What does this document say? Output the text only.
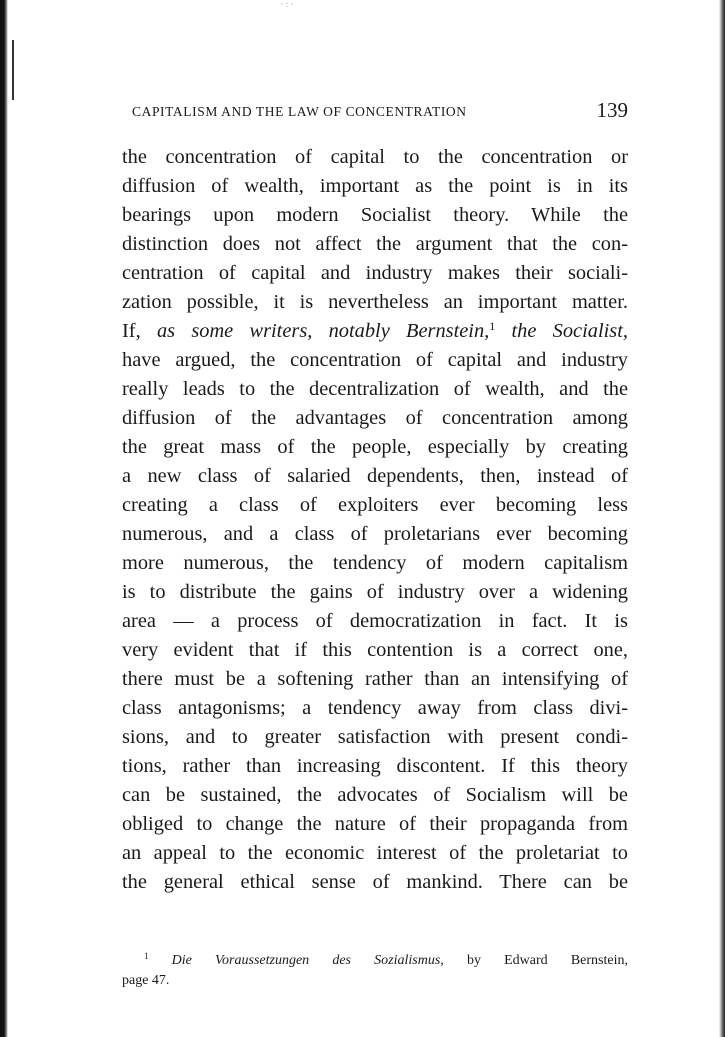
·:·
CAPITALISM AND THE LAW OF CONCENTRATION	139
the concentration of capital to the concentration or
diffusion of wealth, important as the point is in its
bearings upon modern Socialist theory. While the
distinction does not affect the argument that the con-
centration of capital and industry makes their sociali-
zation possible, it is nevertheless an important matter.
If, as some writers, notably Bernstein,$^1$ the Socialist,
have argued, the concentration of capital and industry
really leads to the decentralization of wealth, and the
diffusion of the advantages of concentration among
the great mass of the people, especially by creating
a new class of salaried dependents, then, instead of
creating a class of exploiters ever becoming less
numerous, and a class of proletarians ever becoming
more numerous, the tendency of modern capitalism
is to distribute the gains of industry over a widening
area — a process of democratization in fact. It is
very evident that if this contention is a correct one,
there must be a softening rather than an intensifying of
class antagonisms; a tendency away from class divi-
sions, and to greater satisfaction with present condi-
tions, rather than increasing discontent. If this theory
can be sustained, the advocates of Socialism will be
obliged to change the nature of their propaganda from
an appeal to the economic interest of the proletariat to
the general ethical sense of mankind. There can be
$^1$ Die Voraussetzungen des Sozialismus, by Edward Bernstein,
page 47.
